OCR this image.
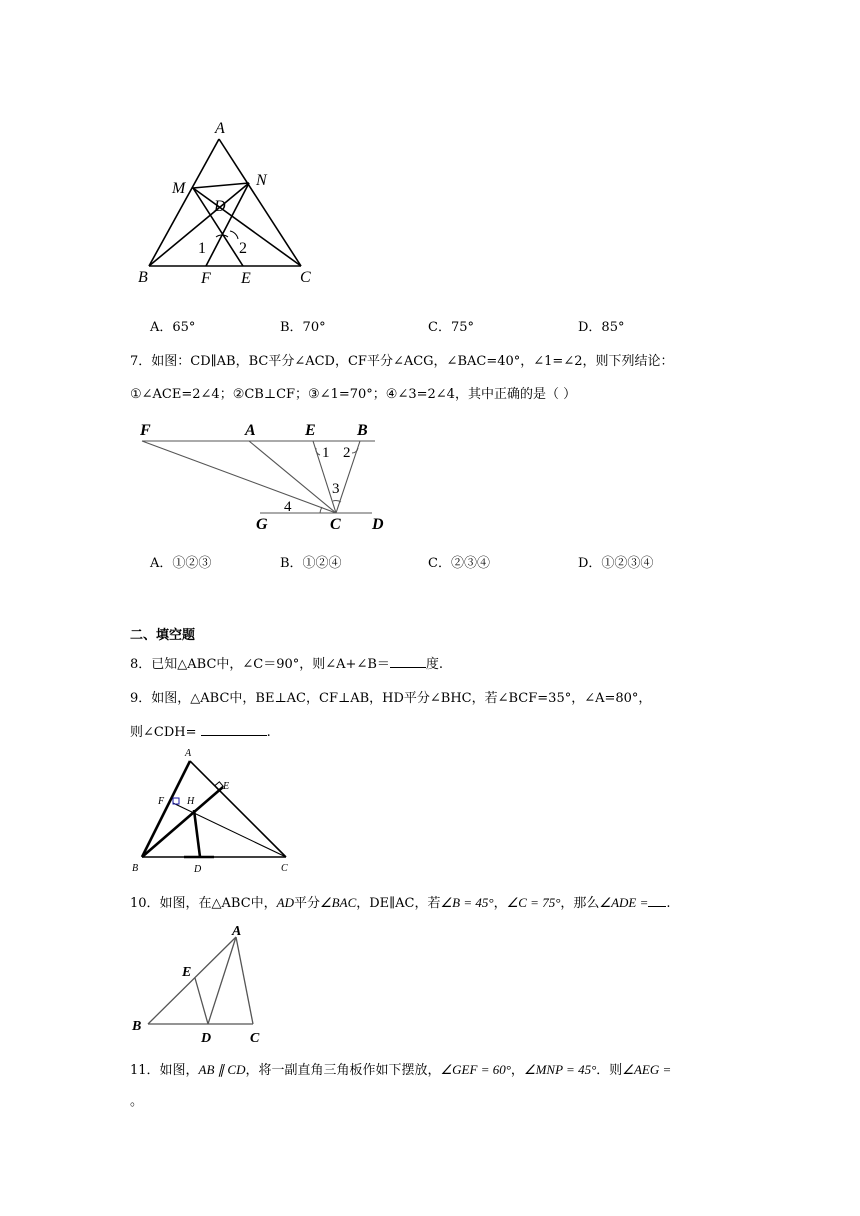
A
M	N
D
B	F E	C
1 2
A．65°	B．70°	C．75°	D．85°
7．如图：CD∥AB，BC平分∠ACD，CF平分∠ACG，∠BAC=40°，∠1=∠2，则下列结论：
①∠ACE=2∠4；②CB⊥CF；③∠1=70°；④∠3=2∠4，其中正确的是（ ）
F	A	E	B
G	C D
1 2
3
4
A．①②③	B．①②④	C．②③④	D．①②③④
二、填空题
8．已知△ABC中，∠C＝90°，则∠A+∠B＝	度.
9．如图，△ABC中，BE⊥AC，CF⊥AB，HD平分∠BHC，若∠BCF=35°，∠A=80°，
则∠CDH=	.
A
E
F H
B	D	C
10．如图，在△ABC中，AD平分∠BAC，DE∥AC，若∠B = 45°，∠C = 75°，那么∠ADE = .
A
E
B
D	C
11．如图，AB ∥ CD，将一副直角三角板作如下摆放，∠GEF = 60°，∠MNP = 45°．则∠AEG =
。
